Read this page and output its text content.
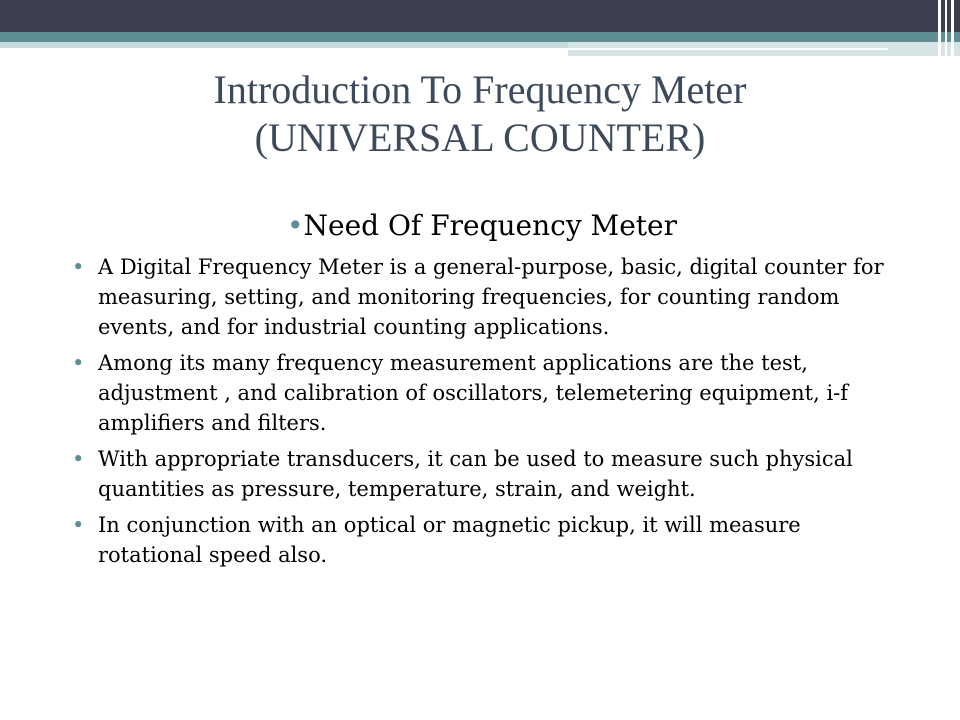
Introduction To Frequency Meter
(UNIVERSAL COUNTER)
•Need Of Frequency Meter
• A Digital Frequency Meter is a general-purpose, basic, digital counter for measuring, setting, and monitoring frequencies, for counting random events, and for industrial counting applications.
• Among its many frequency measurement applications are the test, adjustment , and calibration of oscillators, telemetering equipment, i-f amplifiers and filters.
• With appropriate transducers, it can be used to measure such physical quantities as pressure, temperature, strain, and weight.
• In conjunction with an optical or magnetic pickup, it will measure rotational speed also.
